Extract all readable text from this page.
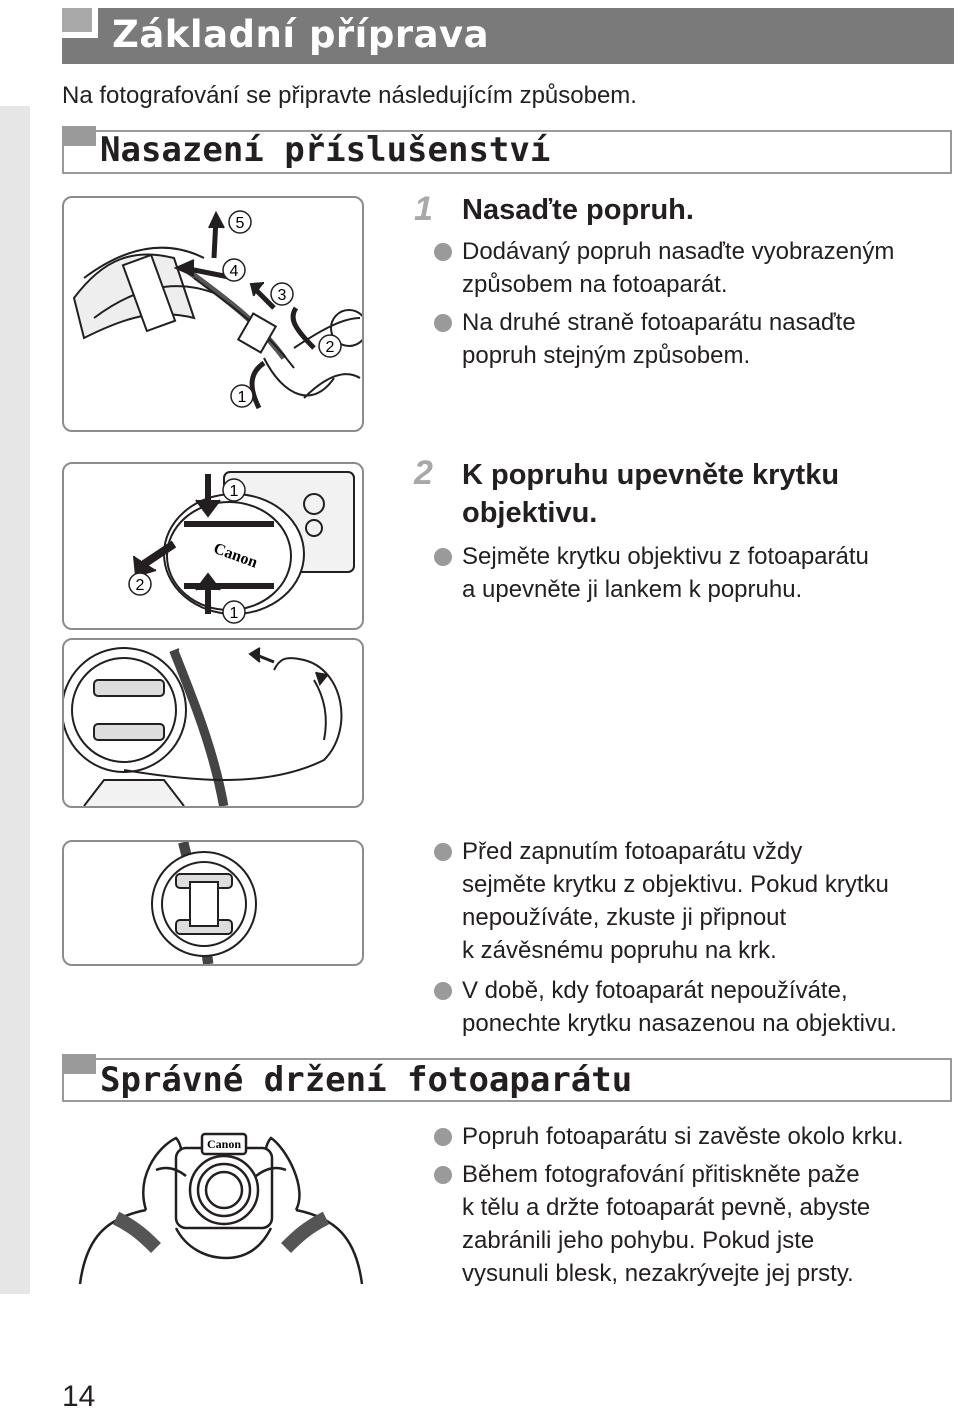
Základní příprava
Na fotografování se připravte následujícím způsobem.
Nasazení příslušenství
5
4
3
2
1
1 Nasaďte popruh.
Dodávaný popruh nasaďte vyobrazeným
způsobem na fotoaparát.
Na druhé straně fotoaparátu nasaďte
popruh stejným způsobem.
Canon
1
2
1
2 K popruhu upevněte krytku
objektivu.
Sejměte krytku objektivu z fotoaparátu
a upevněte ji lankem k popruhu.
Před zapnutím fotoaparátu vždy
sejměte krytku z objektivu. Pokud krytku
nepoužíváte, zkuste ji připnout
k závěsnému popruhu na krk.
V době, kdy fotoaparát nepoužíváte,
ponechte krytku nasazenou na objektivu.
Správné držení fotoaparátu
Canon	Popruh fotoaparátu si zavěste okolo krku.
Během fotografování přitiskněte paže
k tělu a držte fotoaparát pevně, abyste
zabránili jeho pohybu. Pokud jste
vysunuli blesk, nezakrývejte jej prsty.
14
